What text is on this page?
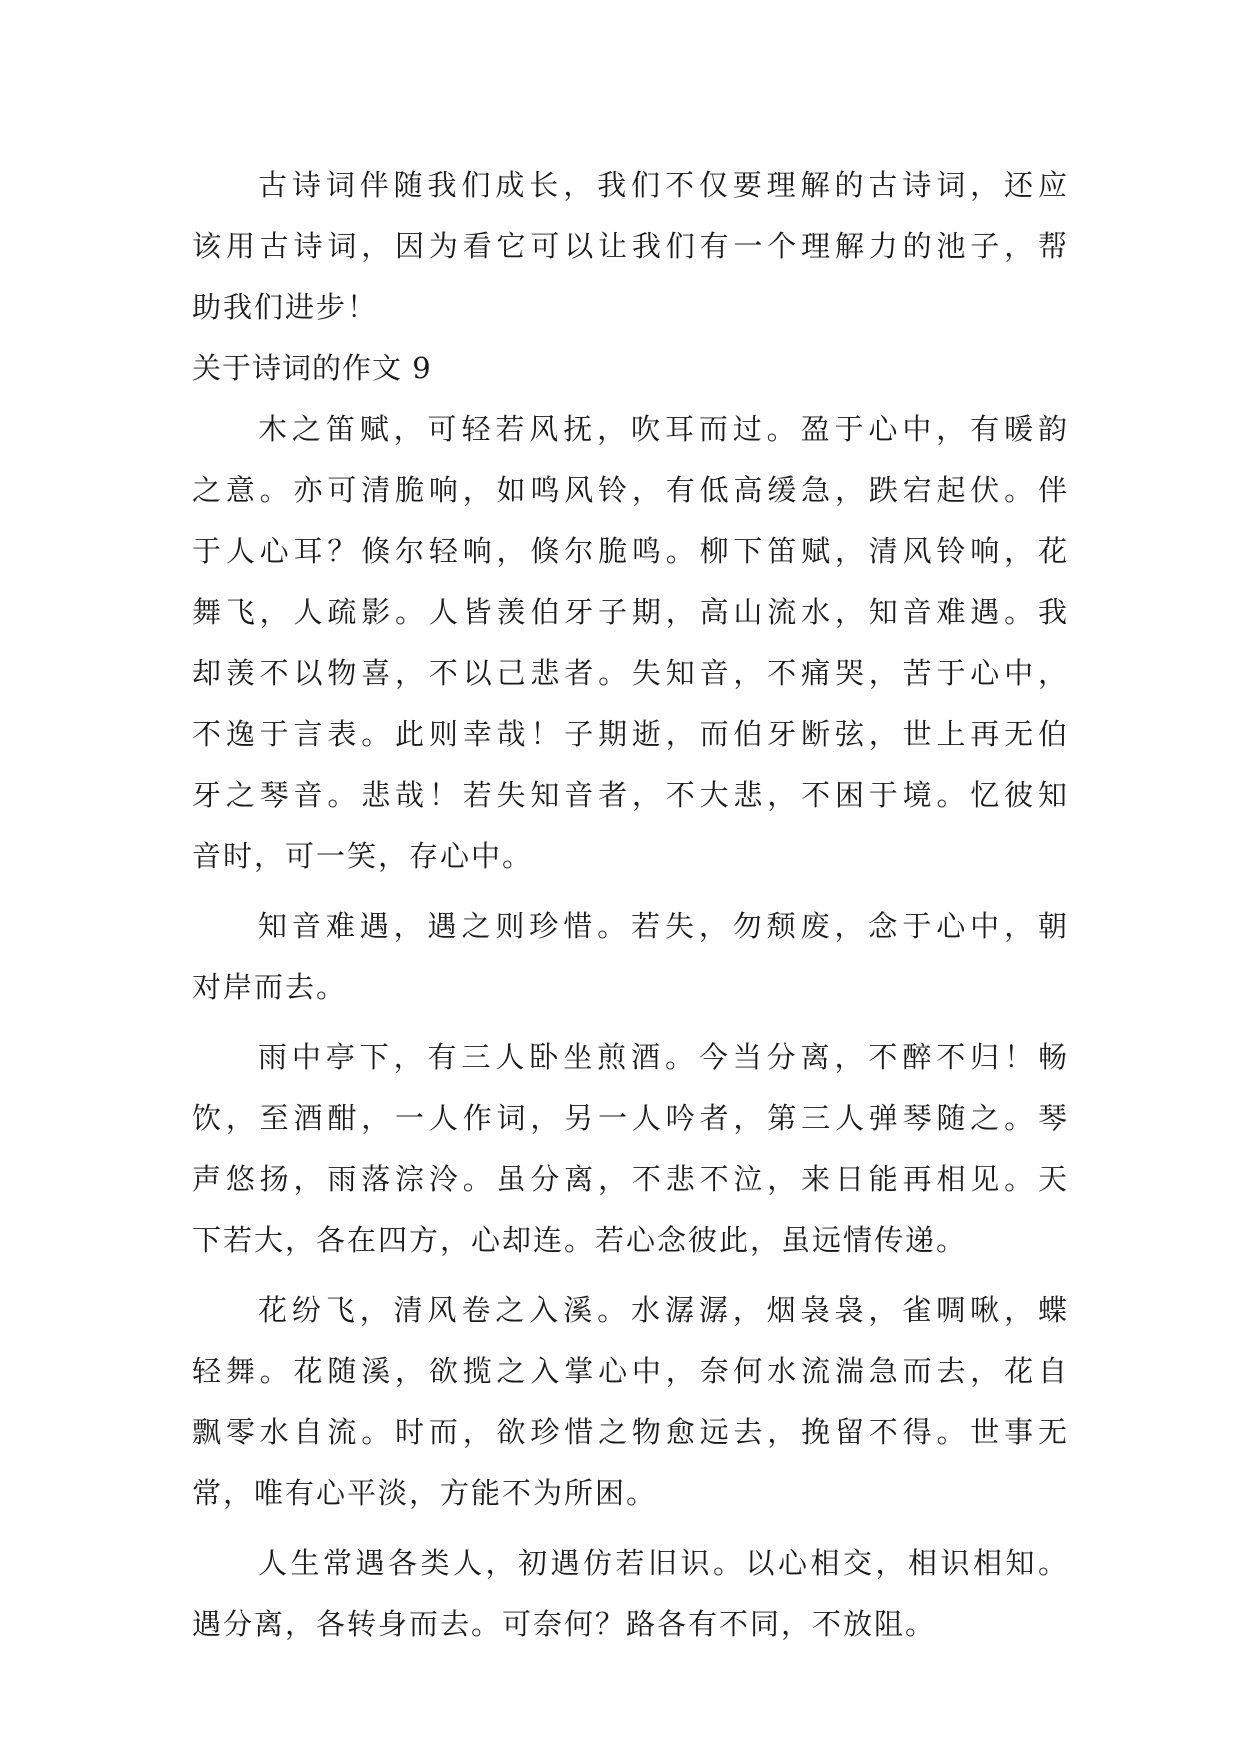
古诗词伴随我们成长，我们不仅要理解的古诗词，还应
该用古诗词，因为看它可以让我们有一个理解力的池子，帮
助我们进步！
关于诗词的作文 9
木之笛赋，可轻若风抚，吹耳而过。盈于心中，有暖韵
之意。亦可清脆响，如鸣风铃，有低高缓急，跌宕起伏。伴
于人心耳？倏尔轻响，倏尔脆鸣。柳下笛赋，清风铃响，花
舞飞，人疏影。人皆羡伯牙子期，高山流水，知音难遇。我
却羡不以物喜，不以己悲者。失知音，不痛哭，苦于心中，
不逸于言表。此则幸哉！子期逝，而伯牙断弦，世上再无伯
牙之琴音。悲哉！若失知音者，不大悲，不困于境。忆彼知
音时，可一笑，存心中。
知音难遇，遇之则珍惜。若失，勿颓废，念于心中，朝
对岸而去。
雨中亭下，有三人卧坐煎酒。今当分离，不醉不归！畅
饮，至酒酣，一人作词，另一人吟者，第三人弹琴随之。琴
声悠扬，雨落淙泠。虽分离，不悲不泣，来日能再相见。天
下若大，各在四方，心却连。若心念彼此，虽远情传递。
花纷飞，清风卷之入溪。水潺潺，烟袅袅，雀啁啾，蝶
轻舞。花随溪，欲揽之入掌心中，奈何水流湍急而去，花自
飘零水自流。时而，欲珍惜之物愈远去，挽留不得。世事无
常，唯有心平淡，方能不为所困。
人生常遇各类人，初遇仿若旧识。以心相交，相识相知。
遇分离，各转身而去。可奈何？路各有不同，不放阻。
